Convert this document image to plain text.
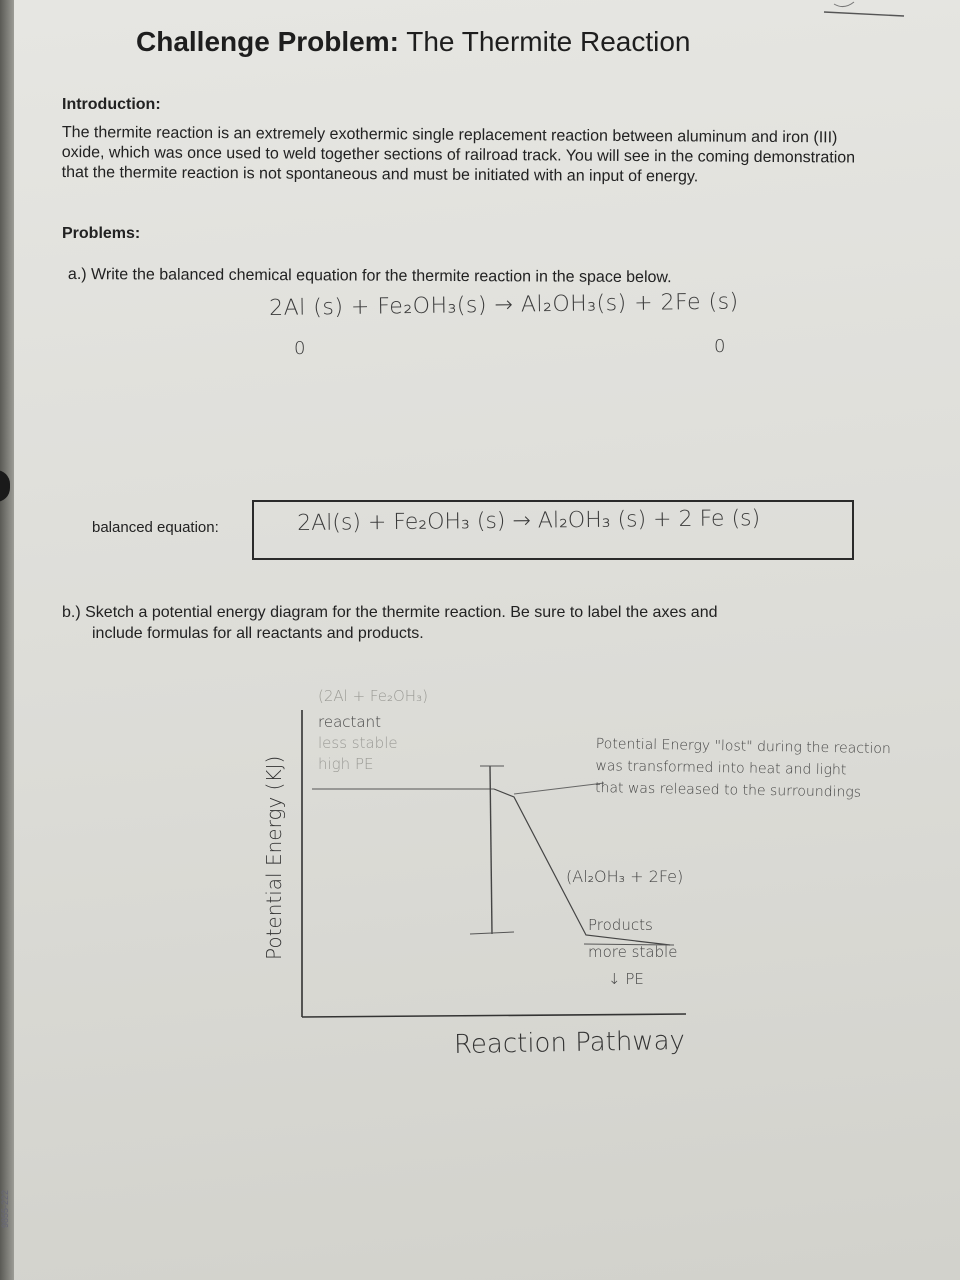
9855-222
Challenge Problem: The Thermite Reaction
Introduction:
The thermite reaction is an extremely exothermic single replacement reaction between aluminum and iron (III) oxide, which was once used to weld together sections of railroad track. You will see in the coming demonstration that the thermite reaction is not spontaneous and must be initiated with an input of energy.
Problems:
a.) Write the balanced chemical equation for the thermite reaction in the space below.
2Al (s) + Fe₂OH₃(s) → Al₂OH₃(s) + 2Fe (s)
0	0
balanced equation:	2Al(s) + Fe₂OH₃ (s) → Al₂OH₃ (s) + 2 Fe (s)
b.) Sketch a potential energy diagram for the thermite reaction. Be sure to label the axes and
include formulas for all reactants and products.
Potential Energy (KJ)
(2Al + Fe₂OH₃)
reactant
less stable
high PE
Potential Energy "lost" during the reaction
was transformed into heat and light
that was released to the surroundings
(Al₂OH₃ + 2Fe)
Products
more stable
↓ PE
Reaction Pathway
